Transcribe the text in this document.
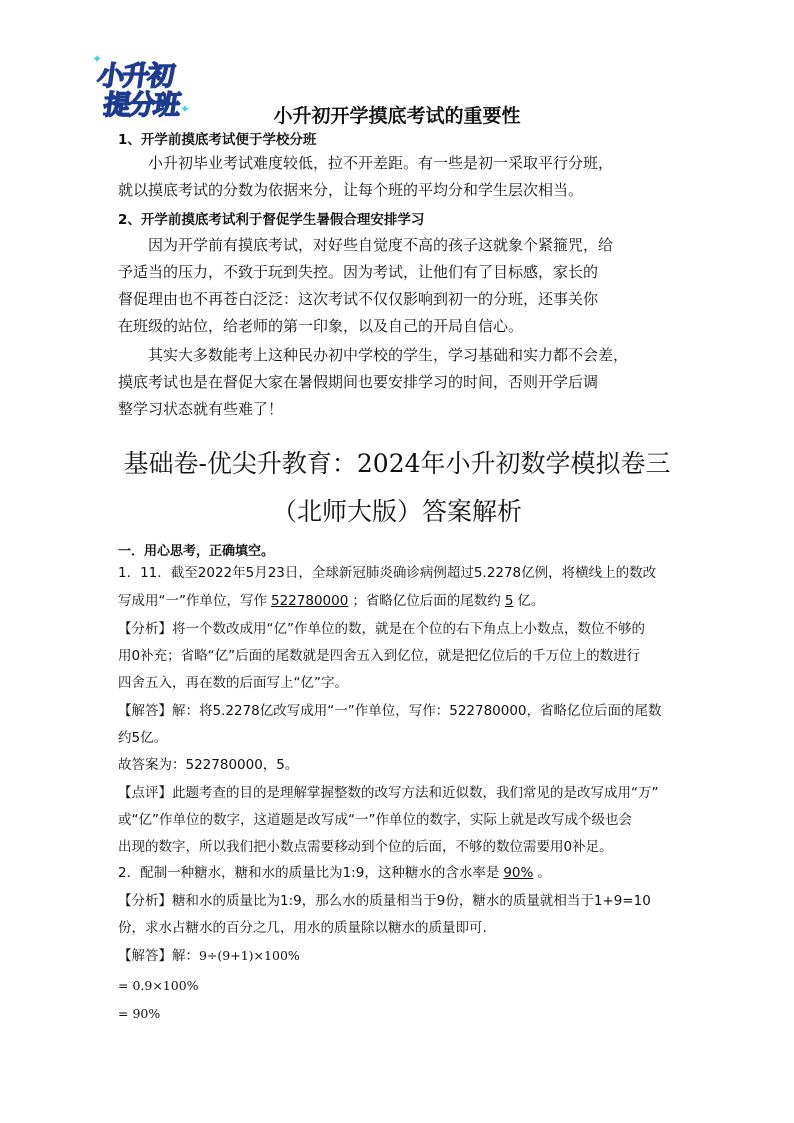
小升初
提分班
✦
✦	小升初开学摸底考试的重要性
1、开学前摸底考试便于学校分班
小升初毕业考试难度较低，拉不开差距。有一些是初一采取平行分班，
就以摸底考试的分数为依据来分，让每个班的平均分和学生层次相当。
2、开学前摸底考试利于督促学生暑假合理安排学习
因为开学前有摸底考试，对好些自觉度不高的孩子这就象个紧箍咒，给
予适当的压力，不致于玩到失控。因为考试，让他们有了目标感，家长的
督促理由也不再苍白泛泛：这次考试不仅仅影响到初一的分班，还事关你
在班级的站位，给老师的第一印象，以及自己的开局自信心。
其实大多数能考上这种民办初中学校的学生，学习基础和实力都不会差，
摸底考试也是在督促大家在暑假期间也要安排学习的时间，否则开学后调
整学习状态就有些难了！
基础卷-优尖升教育：2024年小升初数学模拟卷三
（北师大版）答案解析
一．用心思考，正确填空。
1．11．截至2022年5月23日，全球新冠肺炎确诊病例超过5.2278亿例，将横线上的数改
写成用“一”作单位，写作 522780000 ；省略亿位后面的尾数约 5 亿。
【分析】将一个数改成用“亿”作单位的数，就是在个位的右下角点上小数点，数位不够的
用0补充；省略“亿”后面的尾数就是四舍五入到亿位，就是把亿位后的千万位上的数进行
四舍五入，再在数的后面写上“亿”字。
【解答】解：将5.2278亿改写成用“一”作单位，写作：522780000，省略亿位后面的尾数
约5亿。
故答案为：522780000，5。
【点评】此题考查的目的是理解掌握整数的改写方法和近似数，我们常见的是改写成用“万”
或“亿”作单位的数字，这道题是改写成“一”作单位的数字，实际上就是改写成个级也会
出现的数字，所以我们把小数点需要移动到个位的后面，不够的数位需要用0补足。
2．配制一种糖水，糖和水的质量比为1:9，这种糖水的含水率是 90% 。
【分析】糖和水的质量比为1:9，那么水的质量相当于9份，糖水的质量就相当于1+9=10
份，求水占糖水的百分之几，用水的质量除以糖水的质量即可.
【解答】解：9÷(9+1)×100%
= 0.9×100%
= 90%
